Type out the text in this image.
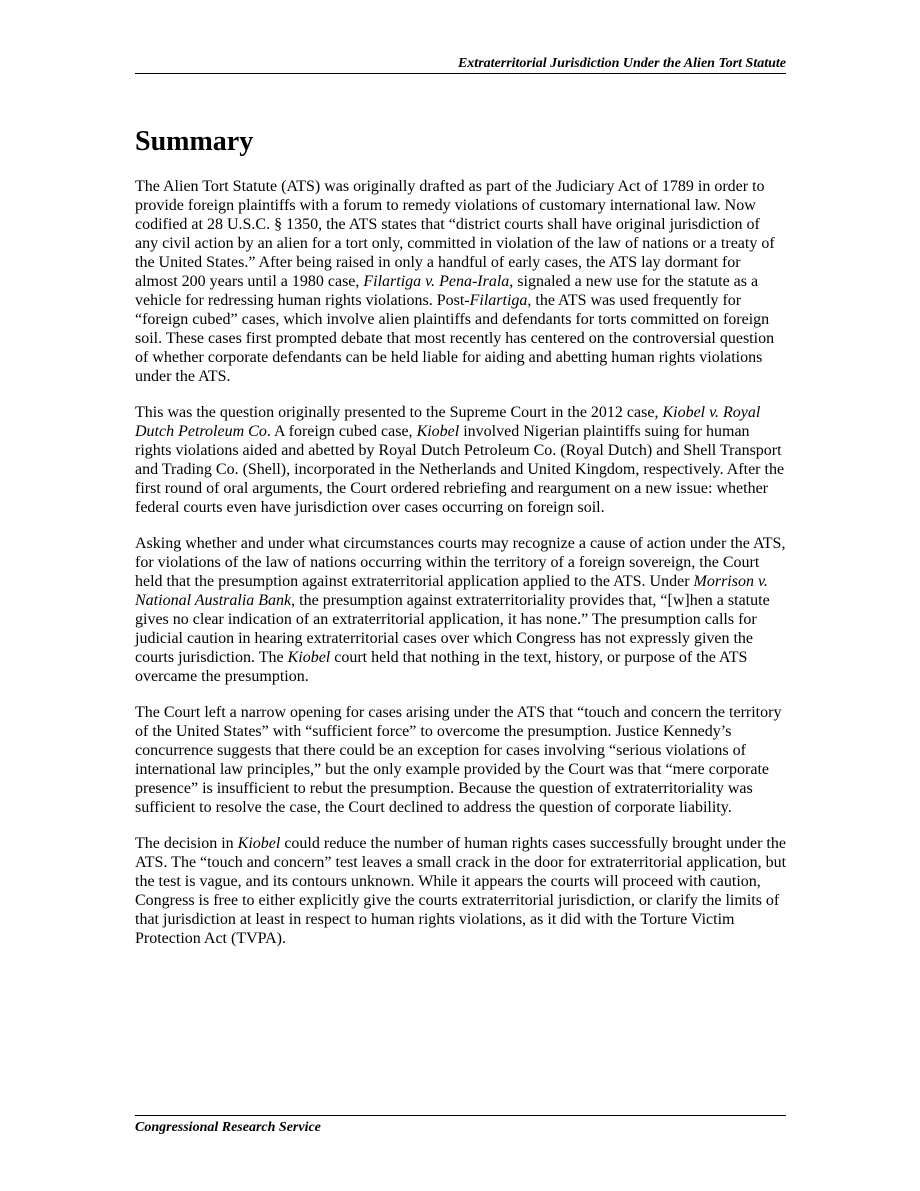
Extraterritorial Jurisdiction Under the Alien Tort Statute
Summary

The Alien Tort Statute (ATS) was originally drafted as part of the Judiciary Act of 1789 in order to provide foreign plaintiffs with a forum to remedy violations of customary international law. Now codified at 28 U.S.C. § 1350, the ATS states that “district courts shall have original jurisdiction of any civil action by an alien for a tort only, committed in violation of the law of nations or a treaty of the United States.” After being raised in only a handful of early cases, the ATS lay dormant for almost 200 years until a 1980 case, Filartiga v. Pena-Irala, signaled a new use for the statute as a vehicle for redressing human rights violations. Post-Filartiga, the ATS was used frequently for “foreign cubed” cases, which involve alien plaintiffs and defendants for torts committed on foreign soil. These cases first prompted debate that most recently has centered on the controversial question of whether corporate defendants can be held liable for aiding and abetting human rights violations under the ATS.

This was the question originally presented to the Supreme Court in the 2012 case, Kiobel v. Royal Dutch Petroleum Co. A foreign cubed case, Kiobel involved Nigerian plaintiffs suing for human rights violations aided and abetted by Royal Dutch Petroleum Co. (Royal Dutch) and Shell Transport and Trading Co. (Shell), incorporated in the Netherlands and United Kingdom, respectively. After the first round of oral arguments, the Court ordered rebriefing and reargument on a new issue: whether federal courts even have jurisdiction over cases occurring on foreign soil.

Asking whether and under what circumstances courts may recognize a cause of action under the ATS, for violations of the law of nations occurring within the territory of a foreign sovereign, the Court held that the presumption against extraterritorial application applied to the ATS. Under Morrison v. National Australia Bank, the presumption against extraterritoriality provides that, “[w]hen a statute gives no clear indication of an extraterritorial application, it has none.” The presumption calls for judicial caution in hearing extraterritorial cases over which Congress has not expressly given the courts jurisdiction. The Kiobel court held that nothing in the text, history, or purpose of the ATS overcame the presumption.

The Court left a narrow opening for cases arising under the ATS that “touch and concern the territory of the United States” with “sufficient force” to overcome the presumption. Justice Kennedy’s concurrence suggests that there could be an exception for cases involving “serious violations of international law principles,” but the only example provided by the Court was that “mere corporate presence” is insufficient to rebut the presumption. Because the question of extraterritoriality was sufficient to resolve the case, the Court declined to address the question of corporate liability.

The decision in Kiobel could reduce the number of human rights cases successfully brought under the ATS. The “touch and concern” test leaves a small crack in the door for extraterritorial application, but the test is vague, and its contours unknown. While it appears the courts will proceed with caution, Congress is free to either explicitly give the courts extraterritorial jurisdiction, or clarify the limits of that jurisdiction at least in respect to human rights violations, as it did with the Torture Victim Protection Act (TVPA).

Congressional Research Service
